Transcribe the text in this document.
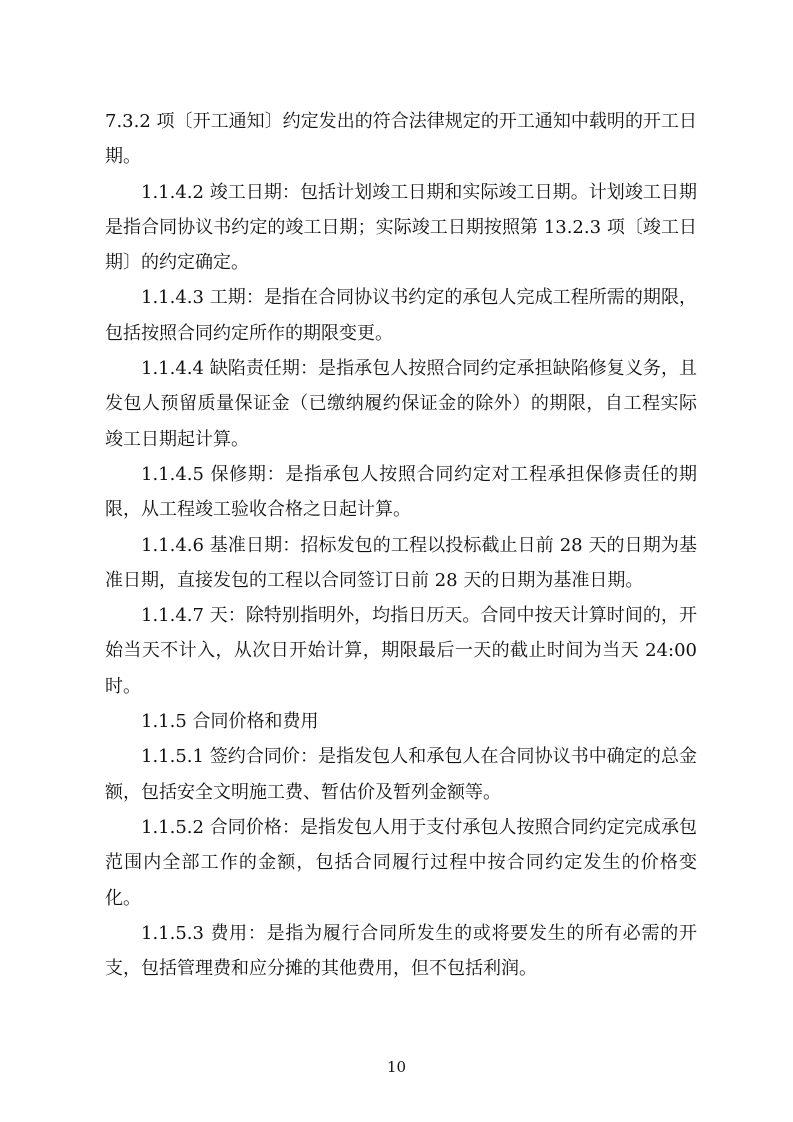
7.3.2 项〔开工通知〕约定发出的符合法律规定的开工通知中载明的开工日期。

1.1.4.2 竣工日期：包括计划竣工日期和实际竣工日期。计划竣工日期是指合同协议书约定的竣工日期；实际竣工日期按照第 13.2.3 项〔竣工日期〕的约定确定。

1.1.4.3 工期：是指在合同协议书约定的承包人完成工程所需的期限，包括按照合同约定所作的期限变更。

1.1.4.4 缺陷责任期：是指承包人按照合同约定承担缺陷修复义务，且发包人预留质量保证金（已缴纳履约保证金的除外）的期限，自工程实际竣工日期起计算。

1.1.4.5 保修期：是指承包人按照合同约定对工程承担保修责任的期限，从工程竣工验收合格之日起计算。

1.1.4.6 基准日期：招标发包的工程以投标截止日前 28 天的日期为基准日期，直接发包的工程以合同签订日前 28 天的日期为基准日期。

1.1.4.7 天：除特别指明外，均指日历天。合同中按天计算时间的，开始当天不计入，从次日开始计算，期限最后一天的截止时间为当天 24:00 时。

1.1.5 合同价格和费用

1.1.5.1 签约合同价：是指发包人和承包人在合同协议书中确定的总金额，包括安全文明施工费、暂估价及暂列金额等。

1.1.5.2 合同价格：是指发包人用于支付承包人按照合同约定完成承包范围内全部工作的金额，包括合同履行过程中按合同约定发生的价格变化。

1.1.5.3 费用：是指为履行合同所发生的或将要发生的所有必需的开支，包括管理费和应分摊的其他费用，但不包括利润。

10
